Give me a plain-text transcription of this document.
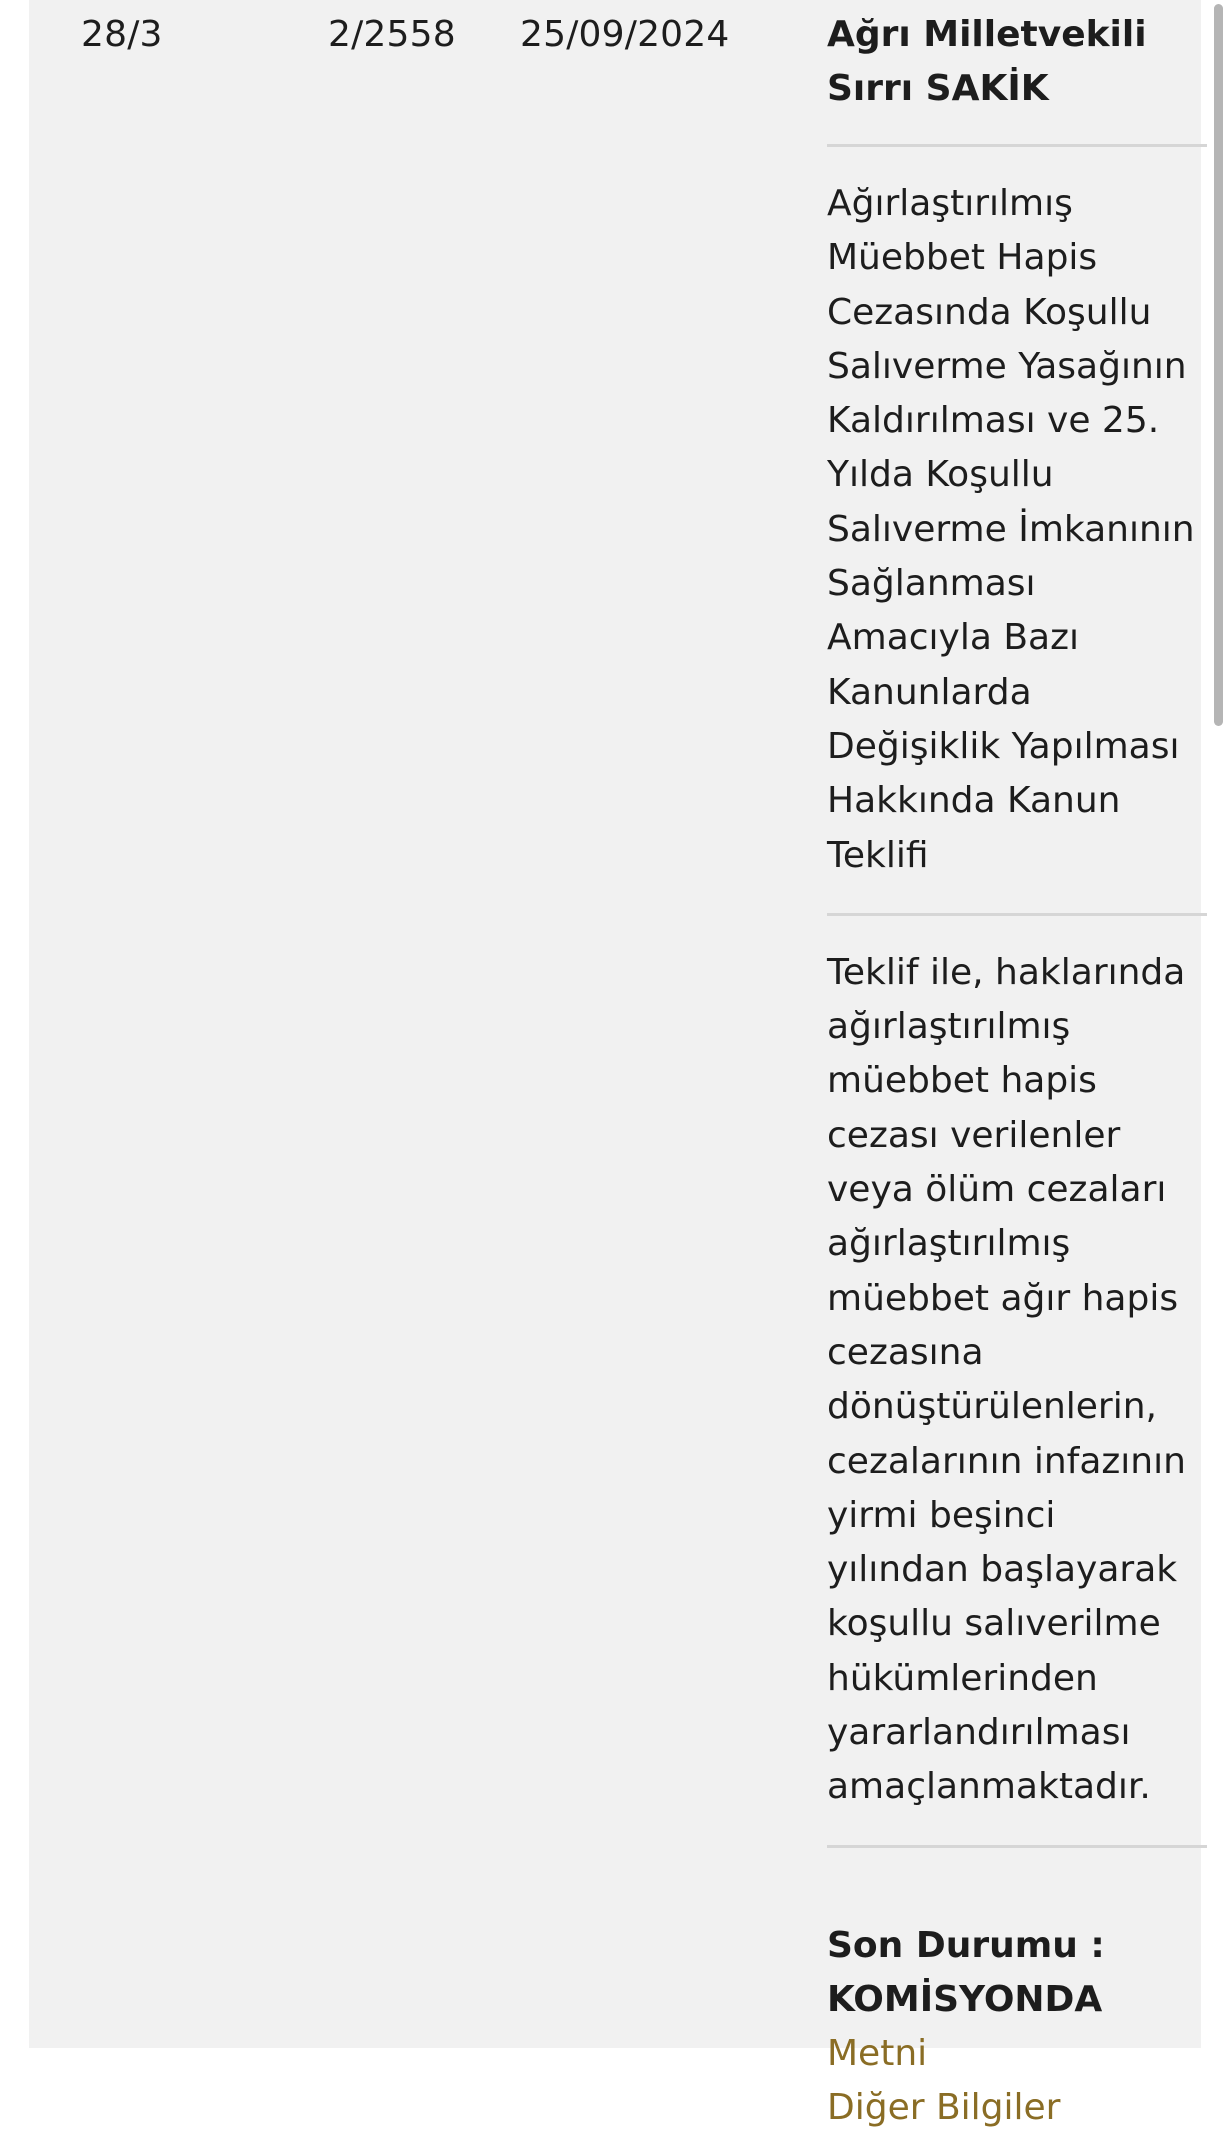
28/3	2/2558 25/09/2024	Ağrı Milletvekili Sırrı SAKİK

Ağırlaştırılmış Müebbet Hapis Cezasında Koşullu Salıverme Yasağının Kaldırılması ve 25. Yılda Koşullu Salıverme İmkanının Sağlanması Amacıyla Bazı Kanunlarda Değişiklik Yapılması Hakkında Kanun Teklifi

Teklif ile, haklarında ağırlaştırılmış müebbet hapis cezası verilenler veya ölüm cezaları ağırlaştırılmış müebbet ağır hapis cezasına dönüştürülenlerin, cezalarının infazının yirmi beşinci yılından başlayarak koşullu salıverilme hükümlerinden yararlandırılması amaçlanmaktadır.

Son Durumu :
KOMİSYONDA
Metni
Diğer Bilgiler
